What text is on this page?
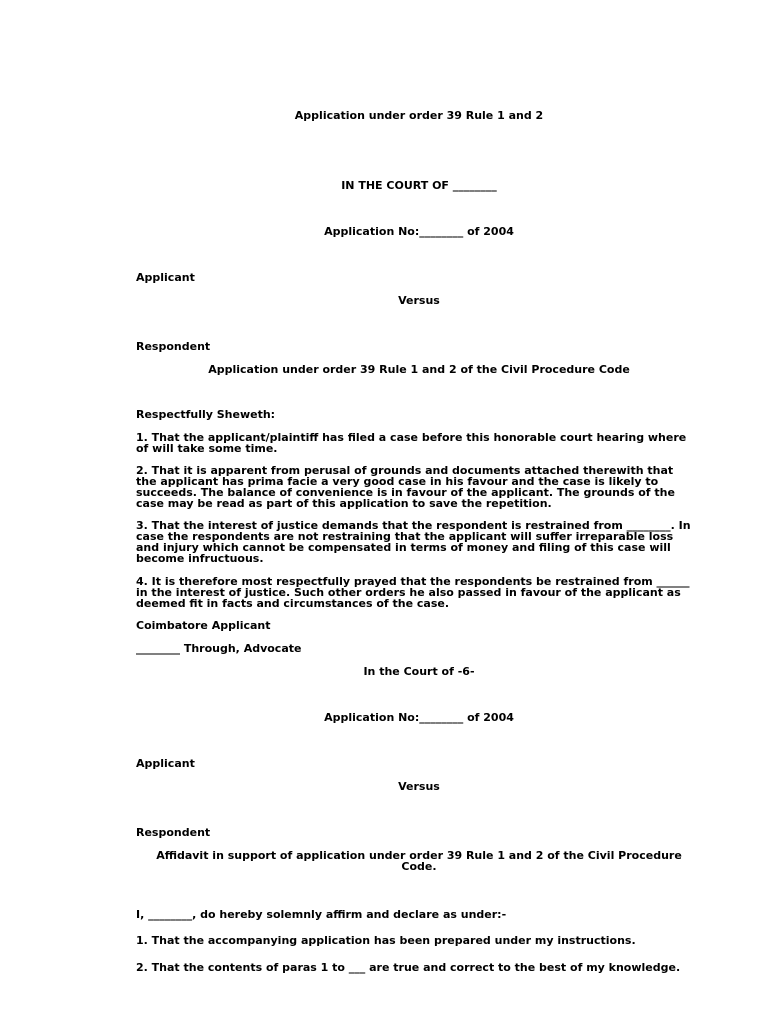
Application under order 39 Rule 1 and 2
IN THE COURT OF ________
Application No:________ of 2004
Applicant
Versus
Respondent
Application under order 39 Rule 1 and 2 of the Civil Procedure Code
Respectfully Sheweth:
1. That the applicant/plaintiff has filed a case before this honorable court hearing where
of will take some time.
2. That it is apparent from perusal of grounds and documents attached therewith that
the applicant has prima facie a very good case in his favour and the case is likely to
succeeds. The balance of convenience is in favour of the applicant. The grounds of the
case may be read as part of this application to save the repetition.
3. That the interest of justice demands that the respondent is restrained from ________. In
case the respondents are not restraining that the applicant will suffer irreparable loss
and injury which cannot be compensated in terms of money and filing of this case will
become infructuous.
4. It is therefore most respectfully prayed that the respondents be restrained from ______
in the interest of justice. Such other orders he also passed in favour of the applicant as
deemed fit in facts and circumstances of the case.
Coimbatore Applicant
________ Through, Advocate
In the Court of -6-
Application No:________ of 2004
Applicant
Versus
Respondent
Affidavit in support of application under order 39 Rule 1 and 2 of the Civil Procedure
Code.
I, ________, do hereby solemnly affirm and declare as under:-
1. That the accompanying application has been prepared under my instructions.
2. That the contents of paras 1 to ___ are true and correct to the best of my knowledge.
